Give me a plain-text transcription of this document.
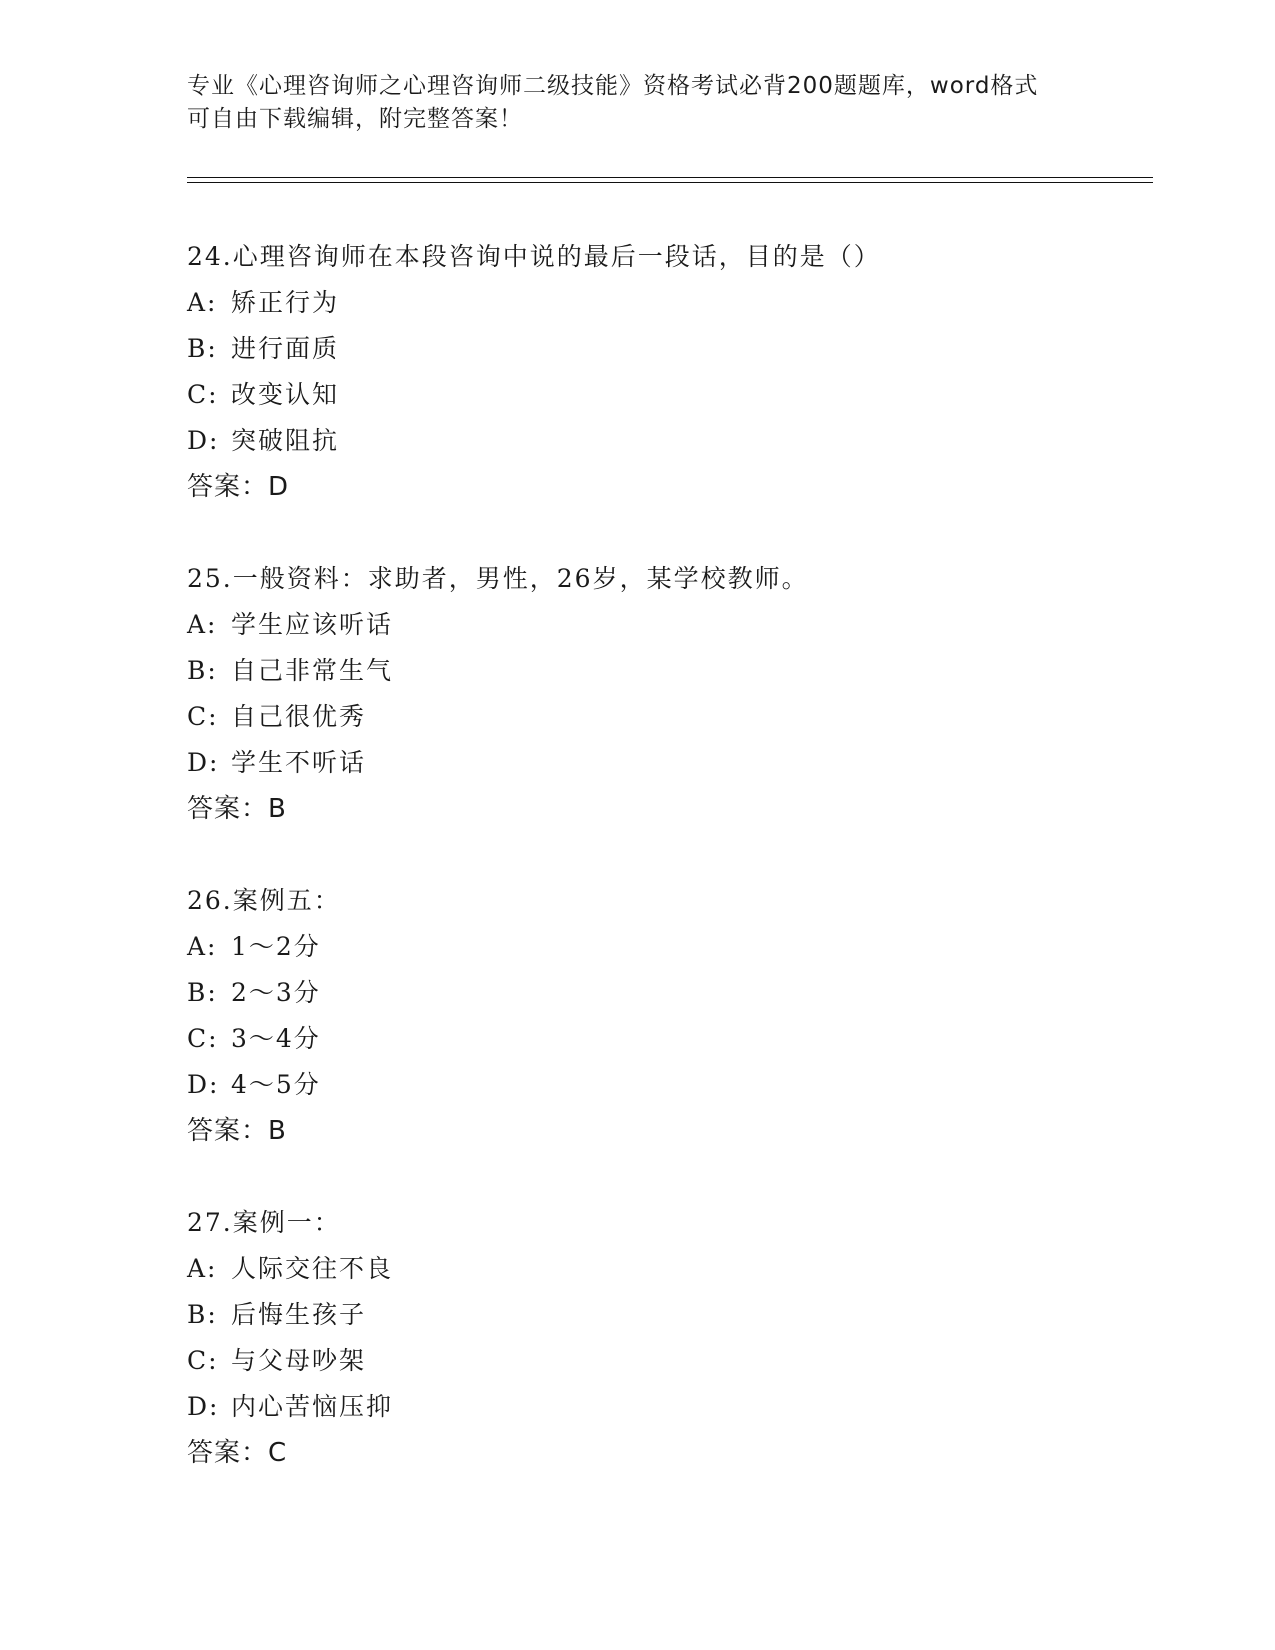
专业《心理咨询师之心理咨询师二级技能》资格考试必背200题题库，word格式
可自由下载编辑，附完整答案！
24.心理咨询师在本段咨询中说的最后一段话，目的是（）
A: 矫正行为
B: 进行面质
C: 改变认知
D: 突破阻抗
答案：D
25.一般资料：求助者，男性，26岁，某学校教师。
A: 学生应该听话
B: 自己非常生气
C: 自己很优秀
D: 学生不听话
答案：B
26.案例五：
A: 1～2分
B: 2～3分
C: 3～4分
D: 4～5分
答案：B
27.案例一：
A: 人际交往不良
B: 后悔生孩子
C: 与父母吵架
D: 内心苦恼压抑
答案：C
